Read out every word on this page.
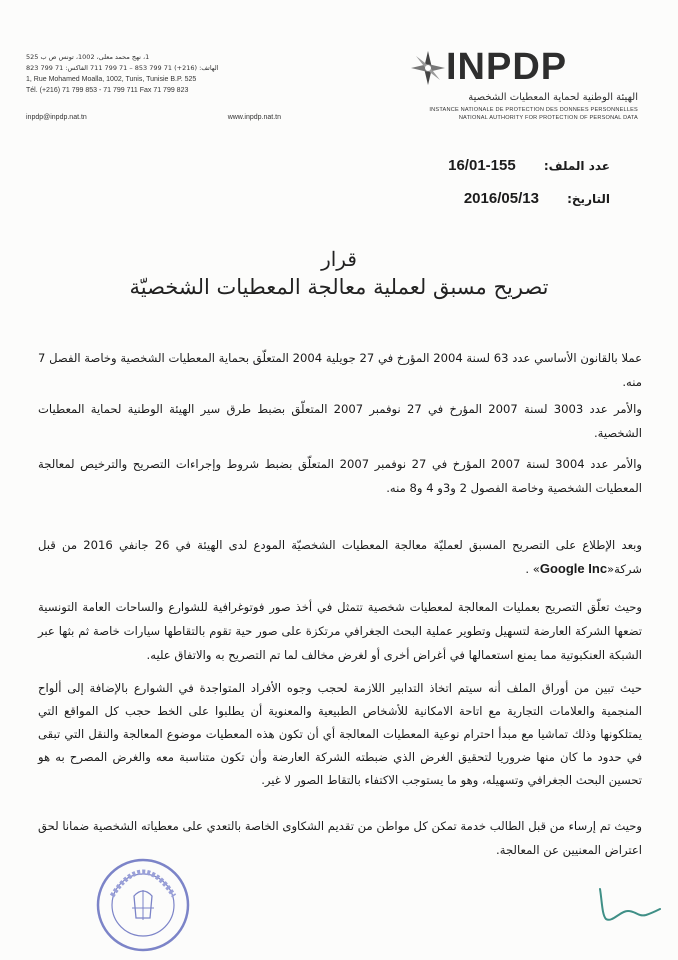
1، نهج محمد معلى، 1002، تونس ص ب 525
الهاتف: (216+) 71 799 853 – 71 799 711 الفاكس: 71 799 823
1, Rue Mohamed Moalla, 1002, Tunis, Tunisie B.P. 525
Tél. (+216) 71 799 853 - 71 799 711 Fax 71 799 823
inpdp@inpdp.nat.tn	www.inpdp.nat.tn
INPDP
الهيئة الوطنية لحماية المعطيات الشخصية
INSTANCE NATIONALE DE PROTECTION DES DONNEES PERSONNELLES
NATIONAL AUTHORITY FOR PROTECTION OF PERSONAL DATA
عدد الملف: 16/01-155
التاريخ: 2016/05/13
قرار
تصريح مسبق لعملية معالجة المعطيات الشخصيّة
عملا بالقانون الأساسي عدد 63 لسنة 2004 المؤرخ في 27 جويلية 2004 المتعلّق بحماية المعطيات الشخصية وخاصة الفصل 7 منه.
والأمر عدد 3003 لسنة 2007 المؤرخ في 27 نوفمبر 2007 المتعلّق بضبط طرق سير الهيئة الوطنية لحماية المعطيات الشخصية.
والأمر عدد 3004 لسنة 2007 المؤرخ في 27 نوفمبر 2007 المتعلّق بضبط شروط وإجراءات التصريح والترخيص لمعالجة المعطيات الشخصية وخاصة الفصول 2 و3و 4 و8 منه.
وبعد الإطلاع على التصريح المسبق لعمليّة معالجة المعطيات الشخصيّة المودع لدى الهيئة في 26 جانفي 2016 من قبل شركة«Google Inc» .
وحيث تعلّق التصريح بعمليات المعالجة لمعطيات شخصية تتمثل في أخذ صور فوتوغرافية للشوارع والساحات العامة التونسية تضعها الشركة العارضة لتسهيل وتطوير عملية البحث الجغرافي مرتكزة على صور حية تقوم بالتقاطها سيارات خاصة ثم بثها عبر الشبكة العنكبوتية مما يمنع استعمالها في أغراض أخرى أو لغرض مخالف لما تم التصريح به والاتفاق عليه.
حيث تبين من أوراق الملف أنه سيتم اتخاذ التدابير اللازمة لحجب وجوه الأفراد المتواجدة في الشوارع بالإضافة إلى ألواح المنجمية والعلامات التجارية مع اتاحة الامكانية للأشخاص الطبيعية والمعنوية أن يطلبوا على الخط حجب كل المواقع التي يمتلكونها وذلك تماشيا مع مبدأ احترام نوعية المعطيات المعالجة أي أن تكون هذه المعطيات موضوع المعالجة والنقل التي تبقى في حدود ما كان منها ضروريا لتحقيق الغرض الذي ضبطته الشركة العارضة وأن تكون متناسبة معه والغرض المصرح به هو تحسين البحث الجغرافي وتسهيله، وهو ما يستوجب الاكتفاء بالتقاط الصور لا غير.
وحيث تم إرساء من قبل الطالب خدمة تمكن كل مواطن من تقديم الشكاوى الخاصة بالتعدي على معطياته الشخصية ضمانا لحق اعتراض المعنيين عن المعالجة.
